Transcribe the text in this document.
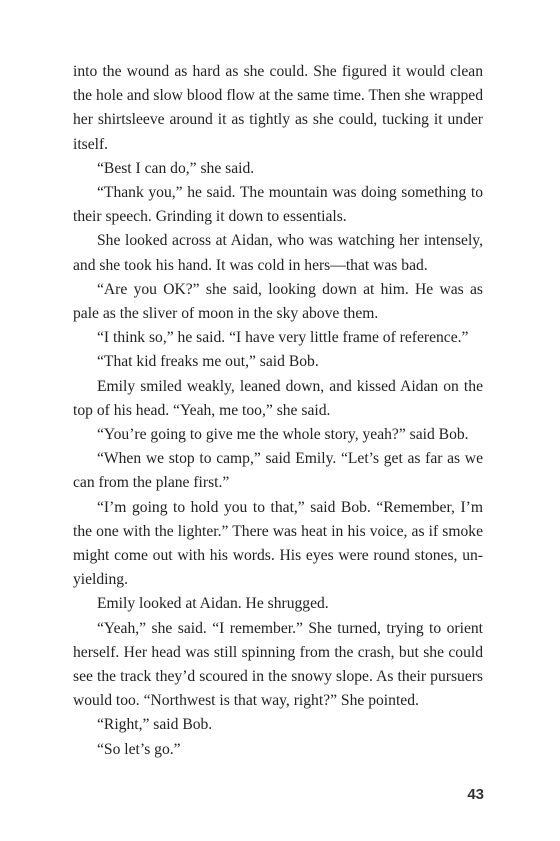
into the wound as hard as she could. She figured it would clean the hole and slow blood flow at the same time. Then she wrapped her shirtsleeve around it as tightly as she could, tucking it under itself.

“Best I can do,” she said.

“Thank you,” he said. The mountain was doing something to their speech. Grinding it down to essentials.

She looked across at Aidan, who was watching her intensely, and she took his hand. It was cold in hers—that was bad.

“Are you OK?” she said, looking down at him. He was as pale as the sliver of moon in the sky above them.

“I think so,” he said. “I have very little frame of reference.”

“That kid freaks me out,” said Bob.

Emily smiled weakly, leaned down, and kissed Aidan on the top of his head. “Yeah, me too,” she said.

“You’re going to give me the whole story, yeah?” said Bob.

“When we stop to camp,” said Emily. “Let’s get as far as we can from the plane first.”

“I’m going to hold you to that,” said Bob. “Remember, I’m the one with the lighter.” There was heat in his voice, as if smoke might come out with his words. His eyes were round stones, unyielding.

Emily looked at Aidan. He shrugged.

“Yeah,” she said. “I remember.” She turned, trying to orient herself. Her head was still spinning from the crash, but she could see the track they’d scoured in the snowy slope. As their pursuers would too. “Northwest is that way, right?” She pointed.

“Right,” said Bob.

“So let’s go.”

43
